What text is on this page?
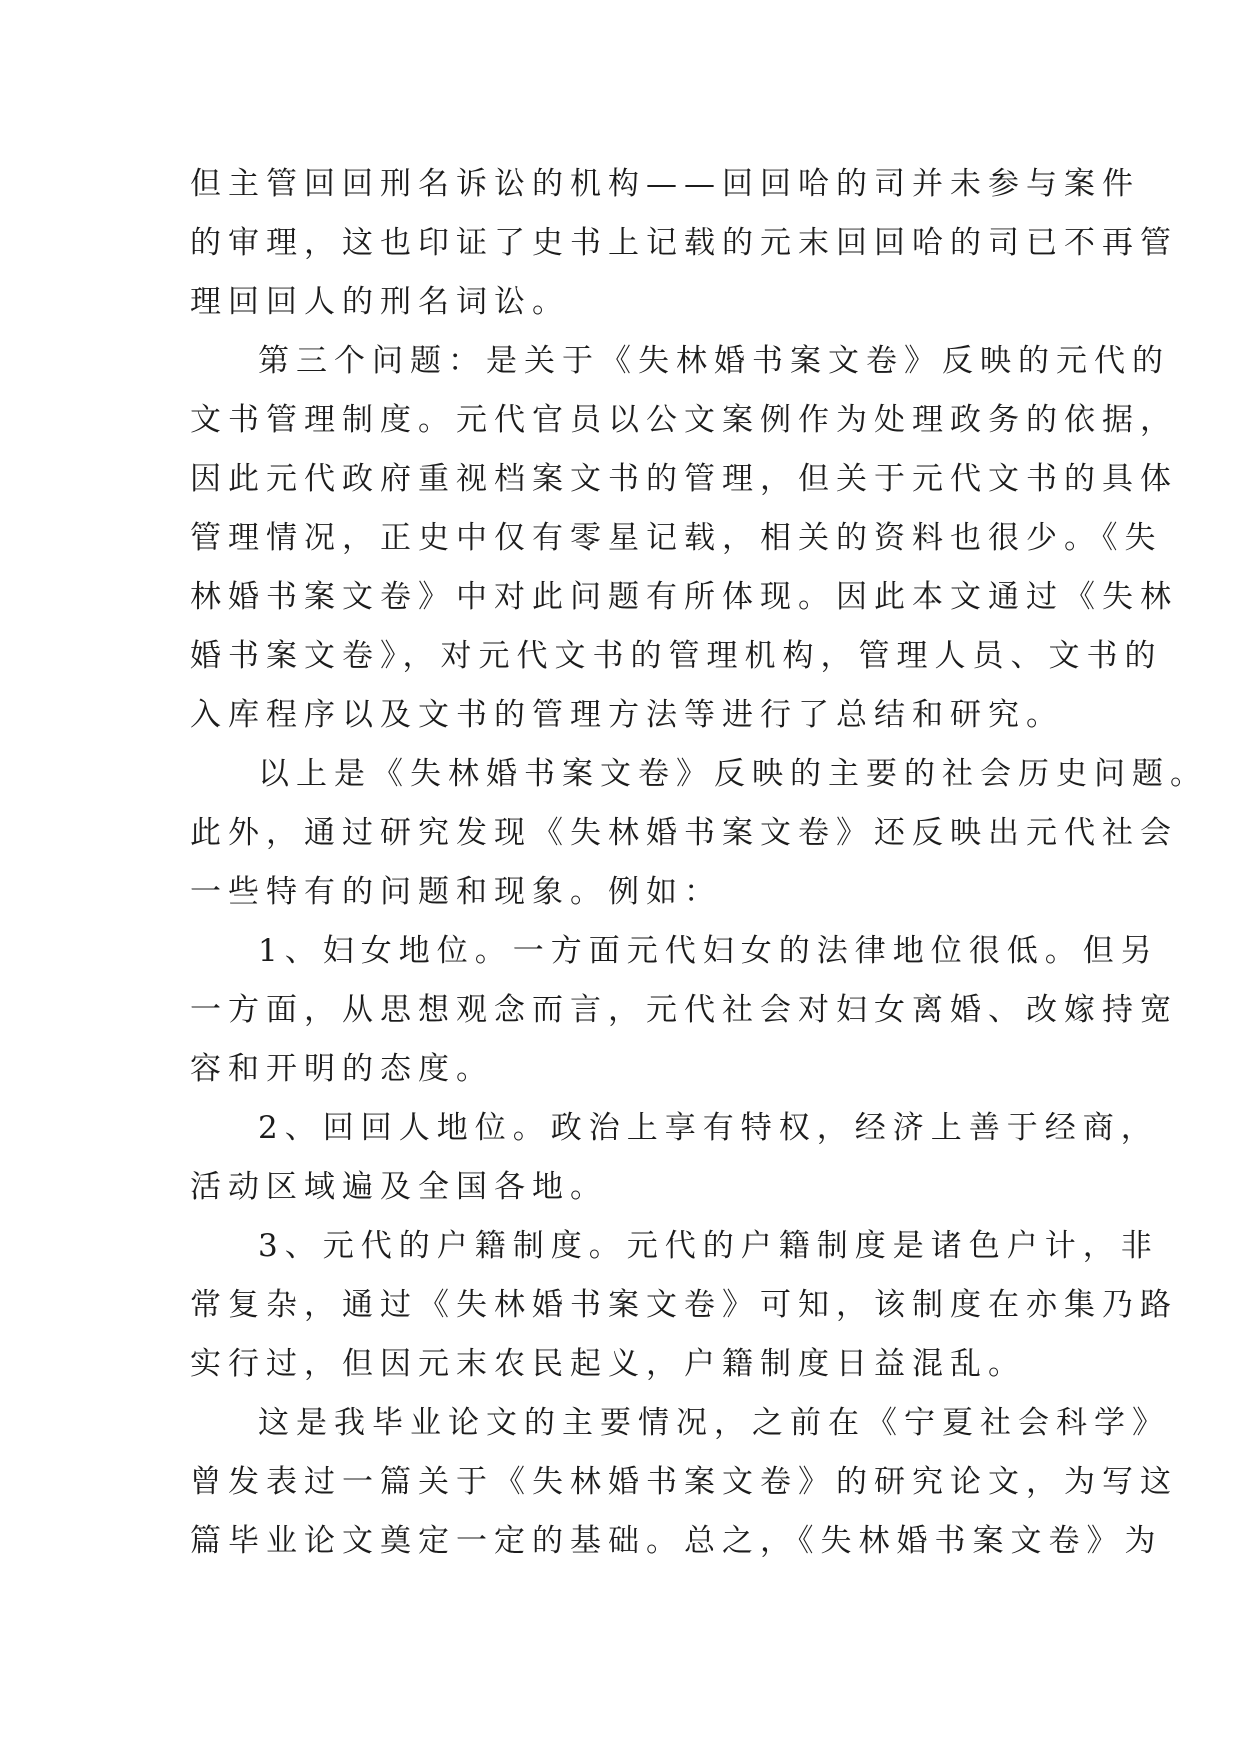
但主管回回刑名诉讼的机构——回回哈的司并未参与案件
的审理，这也印证了史书上记载的元末回回哈的司已不再管
理回回人的刑名词讼。
第三个问题：是关于《失林婚书案文卷》反映的元代的
文书管理制度。元代官员以公文案例作为处理政务的依据，
因此元代政府重视档案文书的管理，但关于元代文书的具体
管理情况，正史中仅有零星记载，相关的资料也很少。《失
林婚书案文卷》中对此问题有所体现。因此本文通过《失林
婚书案文卷》，对元代文书的管理机构，管理人员、文书的
入库程序以及文书的管理方法等进行了总结和研究。
以上是《失林婚书案文卷》反映的主要的社会历史问题。
此外，通过研究发现《失林婚书案文卷》还反映出元代社会
一些特有的问题和现象。例如：
1、妇女地位。一方面元代妇女的法律地位很低。但另
一方面，从思想观念而言，元代社会对妇女离婚、改嫁持宽
容和开明的态度。
2、回回人地位。政治上享有特权，经济上善于经商，
活动区域遍及全国各地。
3、元代的户籍制度。元代的户籍制度是诸色户计，非
常复杂，通过《失林婚书案文卷》可知，该制度在亦集乃路
实行过，但因元末农民起义，户籍制度日益混乱。
这是我毕业论文的主要情况，之前在《宁夏社会科学》
曾发表过一篇关于《失林婚书案文卷》的研究论文，为写这
篇毕业论文奠定一定的基础。总之，《失林婚书案文卷》为
